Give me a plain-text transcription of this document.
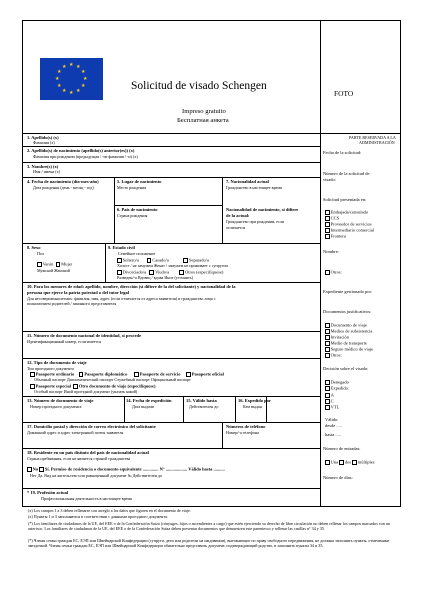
★ ★
★
★
★
★
★
★
★
★
★
★
Solicitud de visado Schengen
FOTO
Impreso gratuito
Бесплатная анкета
1. Apellido(s) (x)
Фамилия (x)
2. Apellido(s) de nacimiento (apellido(s) anterior(es)) (x)
Фамилия при рождении (предыдущая / -ие фамилия / -и) (x)
3. Nombre(s) (x)
Имя / имена (x)
4. Fecha de nacimiento (día-mes-año)
Дата рождения (день - месяц - год)
5. Lugar de nacimiento
Место рождения
6. País de nacimiento
Страна рождения
7. Nacionalidad actual
Гражданство в настоящее время
Nacionalidad de nacimiento, si difiere
de la actual:
Гражданство при рождении, если
отличается
8. Sexo
Пол
Varón Mujer
Мужской Женский
9. Estado civil
Семейное положение
Soltero/a	Casado/a	Separado/a
Холост / не замужем Женат / замужем не проживает с супругом
Divorciado/a Viudo/a	Otros (especifíquese)
Разведен/-а Вдовец / вдова Иное (уточнить)
10. Para los menores de edad: apellido, nombre, dirección (si difiere de la del solicitante) y nacionalidad de la
persona que ejerce la patria potestad o del tutor legal
Для несовершеннолетних: фамилия, имя, адрес (если отличается от адреса заявителя) и гражданство лица с
полномочием родителей / законного представителя
11. Número de documento nacional de identidad, si procede
Идентификационный номер, если имеется
12. Tipo de documento de viaje
Тип проездного документа
Pasaporte ordinario Pasaporte diplomático	Pasaporte de servicio Pasaporte oficial
Обычный паспорт Дипломатический паспорт Служебный паспорт Официальный паспорт
Pasaporte especial Otro documento de viaje (especifíquese)
Особый паспорт Иной проездной документ (указать какой)
13. Número de documento de viaje
Номер проездного документа
14. Fecha de expedición
Дата выдачи
15. Válido hasta
Действителен до
16. Expedido por
Кем выдан
17. Domicilio postal y dirección de correo electrónico del solicitante
Домашний адрес и адрес электронной почты заявителя
Números de teléfono
Номер/-а телефона
18. Residente en un país distinto del país de nacionalidad actual
Страна пребывания, если не является страной гражданства
No Sí. Permiso de residencia o documento equivalente .............. N° ................... Válido hasta ..........
Нет Да. Вид на жительство или равноценный документ № Действителен до
* 19. Profesión actual
Профессиональная деятельность в настоящее время
PARTE RESERVADA A LA
ADMINISTRACIÓN
Fecha de la solicitud:
Número de la solicitud de
visado:
Solicitud presentada en:
Embajada/consulado
CCS
Proveedor de servicios
Intermediario comercial
Frontera
Nombre:
Otros:
Expediente gestionado por:
Documentos justificativos:
Documento de viaje
Medios de subsistencia
Invitación
Medio de transporte
Seguro médico de viaje
Otros:
Decisión sobre el visado:
Denegado
Expedido:
A
C
VTL
Válido:
desde .....
hasta .....
Número de entradas:
Una dos múltiples
Número de días:
(x) Los campos 1 a 3 deben rellenarse con arreglo a los datos que figuren en el documento de viaje.
(x) Пункты 1 и 3 заполняются в соответствии с данными проездного документа.
(*) Los familiares de ciudadanos de la UE, del EEE o de la Confederación Suiza (cónyuges, hijos o ascendientes a cargo) que estén ejerciendo su derecho de libre circulación no deben rellenar los campos marcados con un asterisco. Los familiares de ciudadanos de la UE, del EEE o de la Confederación Suiza deben presentar documentos que demuestren este parentesco y rellenar las casillas n° 34 y 35.
(*) Члены семьи граждан ЕС, ЕЭП или Швейцарской Конфедерации (супруги, дети или родители на иждивении), выезжающие по праву свободного передвижения, не должны заполнять пункты, отмеченные звездочкой. Члены семьи граждан ЕС, ЕЭП или Швейцарской Конфедерации обязательно представить документ, подтверждающий родство, и заполнить пункты 34 и 35.
